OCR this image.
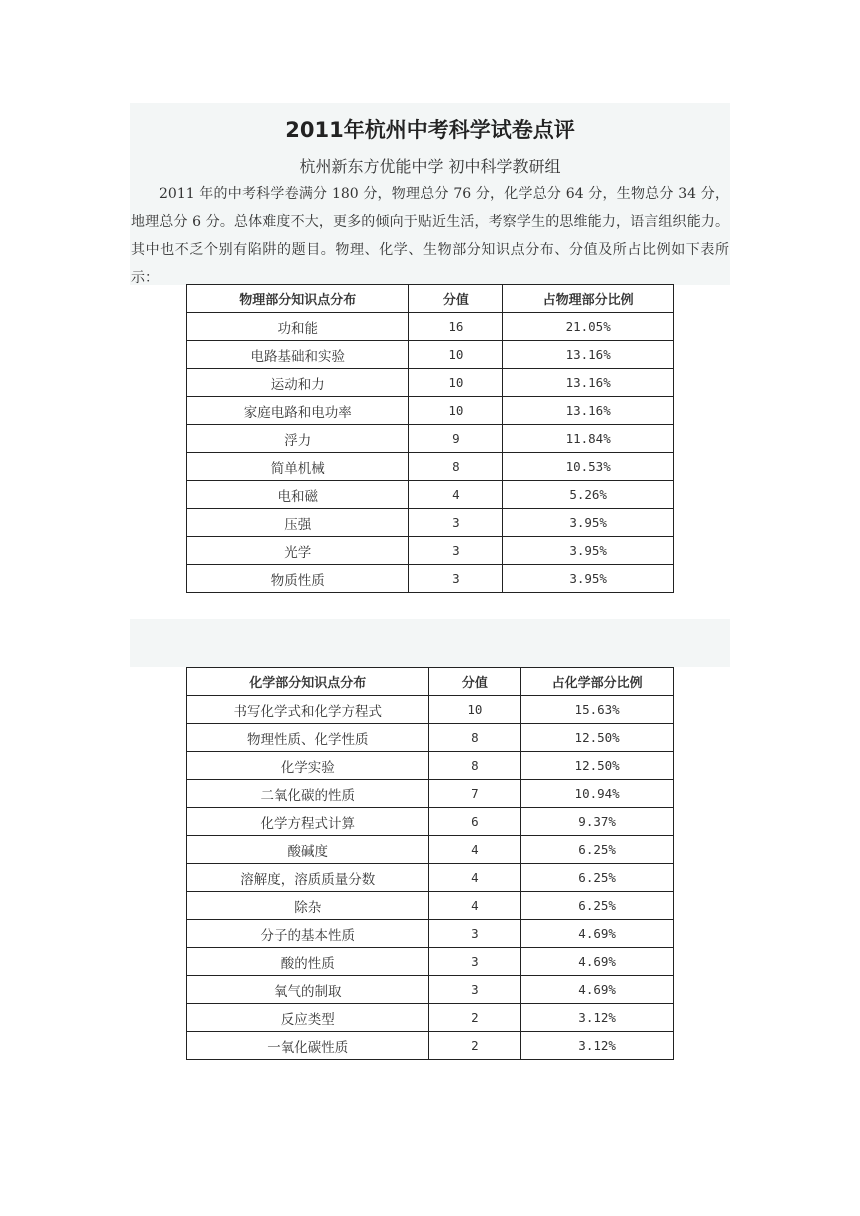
2011年杭州中考科学试卷点评
杭州新东方优能中学 初中科学教研组

2011 年的中考科学卷满分 180 分，物理总分 76 分，化学总分 64 分，生物总分 34 分，地理总分 6 分。总体难度不大，更多的倾向于贴近生活，考察学生的思维能力，语言组织能力。其中也不乏个别有陷阱的题目。物理、化学、生物部分知识点分布、分值及所占比例如下表所示：

物理部分知识点分布	分值	占物理部分比例
功和能	16	21.05%
电路基础和实验	10	13.16%
运动和力	10	13.16%
家庭电路和电功率	10	13.16%
浮力	9	11.84%
简单机械	8	10.53%
电和磁	4	5.26%
压强	3	3.95%
光学	3	3.95%
物质性质	3	3.95%
化学部分知识点分布	分值	占化学部分比例
书写化学式和化学方程式	10	15.63%
物理性质、化学性质	8	12.50%
化学实验	8	12.50%
二氧化碳的性质	7	10.94%
化学方程式计算	6	9.37%
酸碱度	4	6.25%
溶解度，溶质质量分数	4	6.25%
除杂	4	6.25%
分子的基本性质	3	4.69%
酸的性质	3	4.69%
氧气的制取	3	4.69%
反应类型	2	3.12%
一氧化碳性质	2	3.12%
